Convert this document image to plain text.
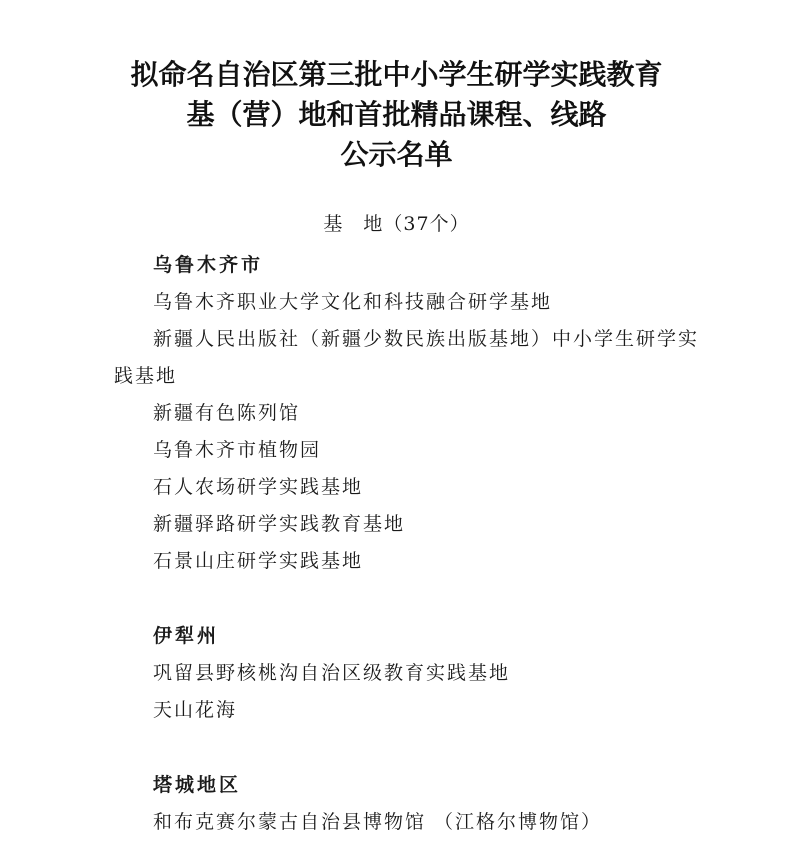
拟命名自治区第三批中小学生研学实践教育
基（营）地和首批精品课程、线路
公示名单
基 地（37个）
乌鲁木齐市
乌鲁木齐职业大学文化和科技融合研学基地
新疆人民出版社（新疆少数民族出版基地）中小学生研学实
践基地
新疆有色陈列馆
乌鲁木齐市植物园
石人农场研学实践基地
新疆驿路研学实践教育基地
石景山庄研学实践基地
伊犁州
巩留县野核桃沟自治区级教育实践基地
天山花海
塔城地区
和布克赛尔蒙古自治县博物馆 （江格尔博物馆）
